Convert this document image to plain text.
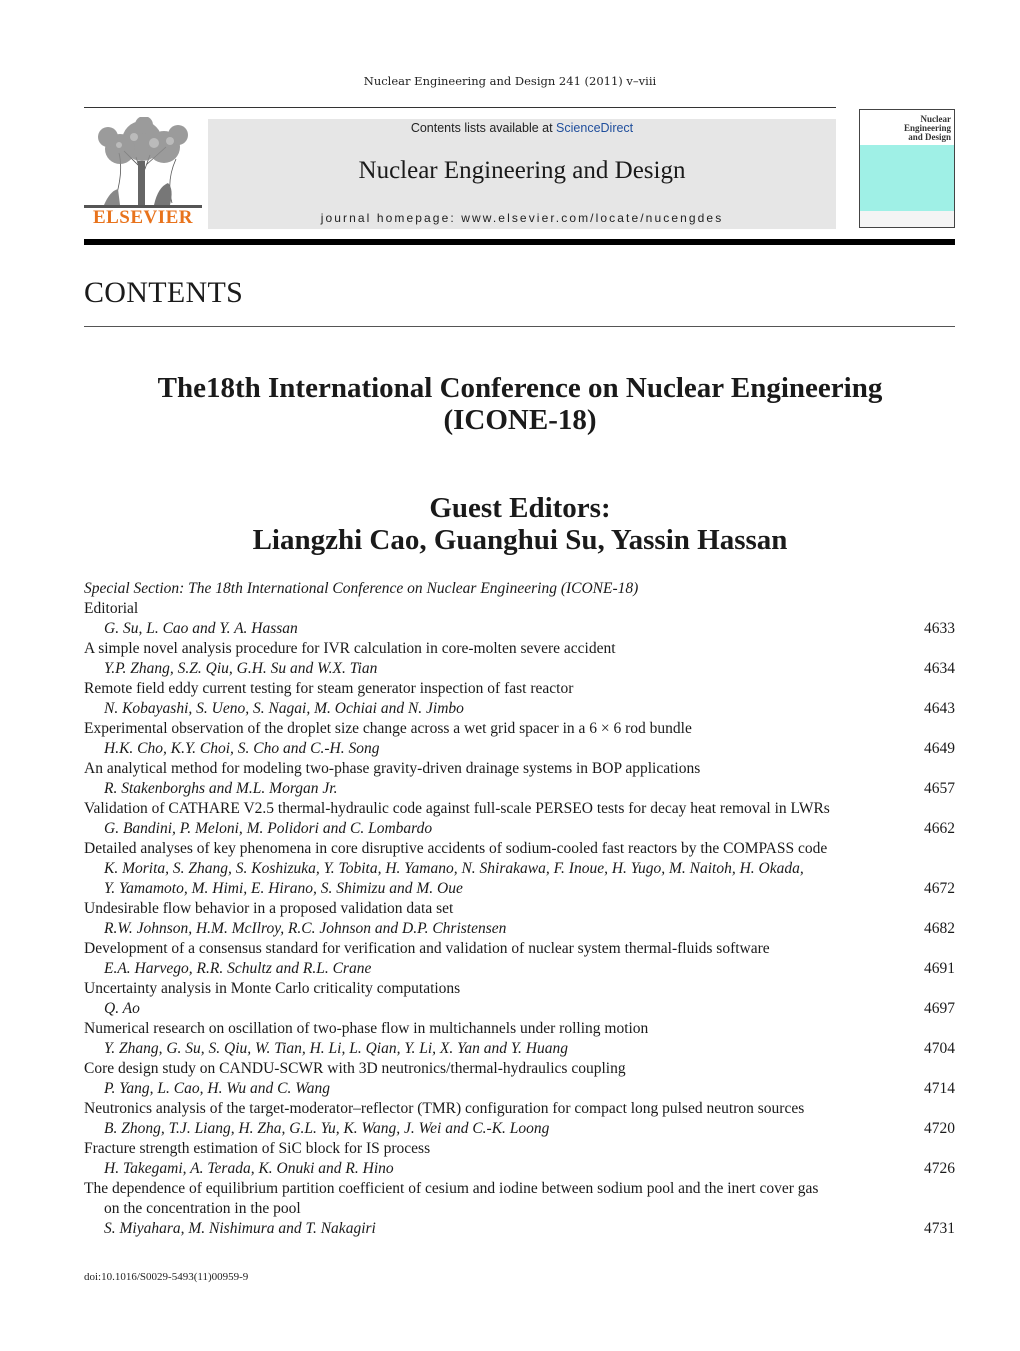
Nuclear Engineering and Design 241 (2011) v–viii
ELSEVIER
Contents lists available at ScienceDirect
Nuclear Engineering and Design
journal homepage: www.elsevier.com/locate/nucengdes
Nuclear Engineering
and Design
CONTENTS
The18th International Conference on Nuclear Engineering
(ICONE-18)
Guest Editors:
Liangzhi Cao, Guanghui Su, Yassin Hassan
Special Section: The 18th International Conference on Nuclear Engineering (ICONE-18)
Editorial
G. Su, L. Cao and Y. A. Hassan	4633
A simple novel analysis procedure for IVR calculation in core-molten severe accident
Y.P. Zhang, S.Z. Qiu, G.H. Su and W.X. Tian	4634
Remote field eddy current testing for steam generator inspection of fast reactor
N. Kobayashi, S. Ueno, S. Nagai, M. Ochiai and N. Jimbo	4643
Experimental observation of the droplet size change across a wet grid spacer in a 6 × 6 rod bundle
H.K. Cho, K.Y. Choi, S. Cho and C.-H. Song	4649
An analytical method for modeling two-phase gravity-driven drainage systems in BOP applications
R. Stakenborghs and M.L. Morgan Jr.	4657
Validation of CATHARE V2.5 thermal-hydraulic code against full-scale PERSEO tests for decay heat removal in LWRs
G. Bandini, P. Meloni, M. Polidori and C. Lombardo	4662
Detailed analyses of key phenomena in core disruptive accidents of sodium-cooled fast reactors by the COMPASS code
K. Morita, S. Zhang, S. Koshizuka, Y. Tobita, H. Yamano, N. Shirakawa, F. Inoue, H. Yugo, M. Naitoh, H. Okada,
Y. Yamamoto, M. Himi, E. Hirano, S. Shimizu and M. Oue	4672
Undesirable flow behavior in a proposed validation data set
R.W. Johnson, H.M. McIlroy, R.C. Johnson and D.P. Christensen	4682
Development of a consensus standard for verification and validation of nuclear system thermal-fluids software
E.A. Harvego, R.R. Schultz and R.L. Crane	4691
Uncertainty analysis in Monte Carlo criticality computations
Q. Ao	4697
Numerical research on oscillation of two-phase flow in multichannels under rolling motion
Y. Zhang, G. Su, S. Qiu, W. Tian, H. Li, L. Qian, Y. Li, X. Yan and Y. Huang	4704
Core design study on CANDU-SCWR with 3D neutronics/thermal-hydraulics coupling
P. Yang, L. Cao, H. Wu and C. Wang	4714
Neutronics analysis of the target-moderator–reflector (TMR) configuration for compact long pulsed neutron sources
B. Zhong, T.J. Liang, H. Zha, G.L. Yu, K. Wang, J. Wei and C.-K. Loong	4720
Fracture strength estimation of SiC block for IS process
H. Takegami, A. Terada, K. Onuki and R. Hino	4726
The dependence of equilibrium partition coefficient of cesium and iodine between sodium pool and the inert cover gas
on the concentration in the pool
S. Miyahara, M. Nishimura and T. Nakagiri	4731
doi:10.1016/S0029-5493(11)00959-9
